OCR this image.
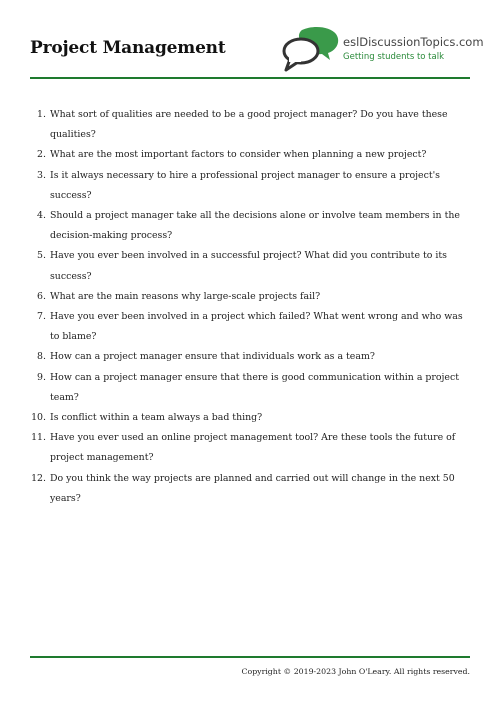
Project Management	eslDiscussionTopics.com
Getting students to talk
1. What sort of qualities are needed to be a good project manager? Do you have these qualities?
2. What are the most important factors to consider when planning a new project?
3. Is it always necessary to hire a professional project manager to ensure a project's success?
4. Should a project manager take all the decisions alone or involve team members in the decision-making process?
5. Have you ever been involved in a successful project? What did you contribute to its success?
6. What are the main reasons why large-scale projects fail?
7. Have you ever been involved in a project which failed? What went wrong and who was to blame?
8. How can a project manager ensure that individuals work as a team?
9. How can a project manager ensure that there is good communication within a project team?
10. Is conflict within a team always a bad thing?
11. Have you ever used an online project management tool? Are these tools the future of project management?
12. Do you think the way projects are planned and carried out will change in the next 50 years?
Copyright © 2019-2023 John O'Leary. All rights reserved.
